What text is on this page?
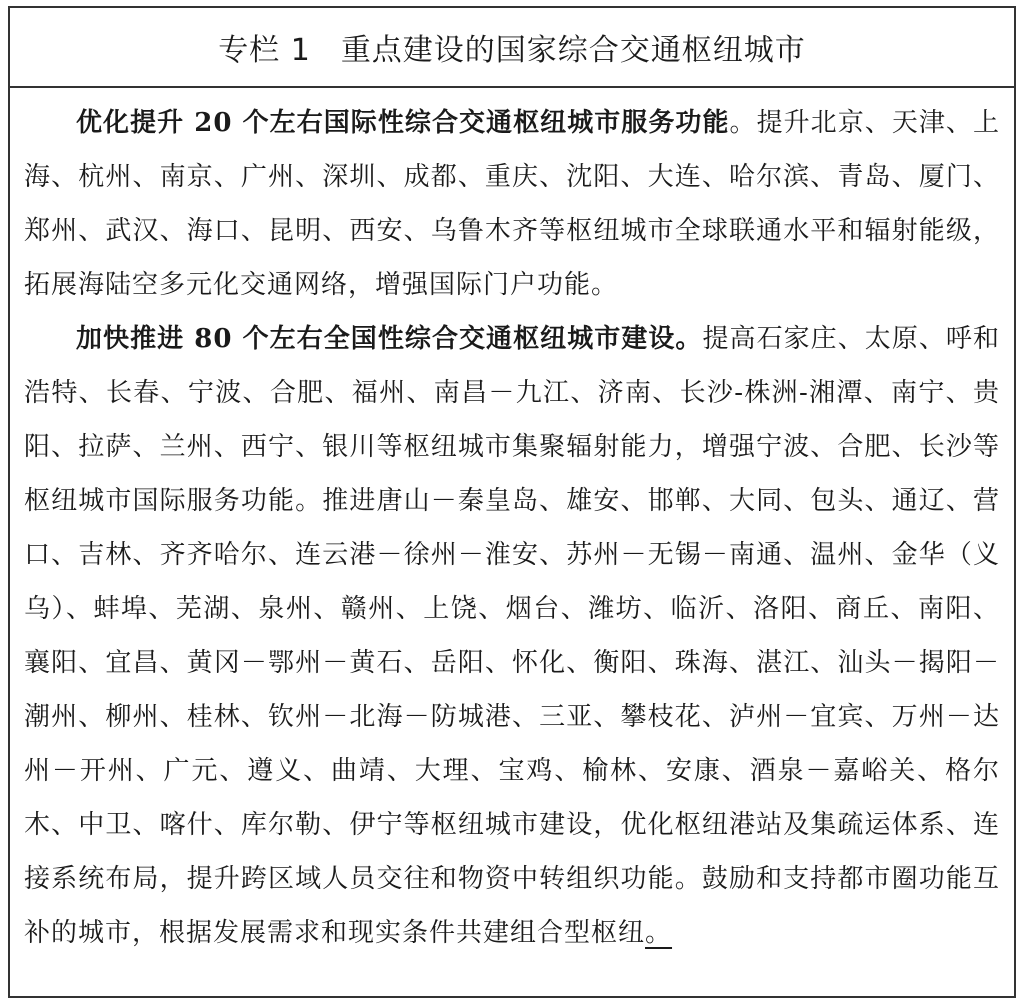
专栏 1 重点建设的国家综合交通枢纽城市

优化提升 20 个左右国际性综合交通枢纽城市服务功能。提升北京、天津、上海、杭州、南京、广州、深圳、成都、重庆、沈阳、大连、哈尔滨、青岛、厦门、郑州、武汉、海口、昆明、西安、乌鲁木齐等枢纽城市全球联通水平和辐射能级，拓展海陆空多元化交通网络，增强国际门户功能。

加快推进 80 个左右全国性综合交通枢纽城市建设。提高石家庄、太原、呼和浩特、长春、宁波、合肥、福州、南昌－九江、济南、长沙-株洲-湘潭、南宁、贵阳、拉萨、兰州、西宁、银川等枢纽城市集聚辐射能力，增强宁波、合肥、长沙等枢纽城市国际服务功能。推进唐山－秦皇岛、雄安、邯郸、大同、包头、通辽、营口、吉林、齐齐哈尔、连云港－徐州－淮安、苏州－无锡－南通、温州、金华（义乌）、蚌埠、芜湖、泉州、赣州、上饶、烟台、潍坊、临沂、洛阳、商丘、南阳、襄阳、宜昌、黄冈－鄂州－黄石、岳阳、怀化、衡阳、珠海、湛江、汕头－揭阳－潮州、柳州、桂林、钦州－北海－防城港、三亚、攀枝花、泸州－宜宾、万州－达州－开州、广元、遵义、曲靖、大理、宝鸡、榆林、安康、酒泉－嘉峪关、格尔木、中卫、喀什、库尔勒、伊宁等枢纽城市建设，优化枢纽港站及集疏运体系、连接系统布局，提升跨区域人员交往和物资中转组织功能。鼓励和支持都市圈功能互补的城市，根据发展需求和现实条件共建组合型枢纽。
